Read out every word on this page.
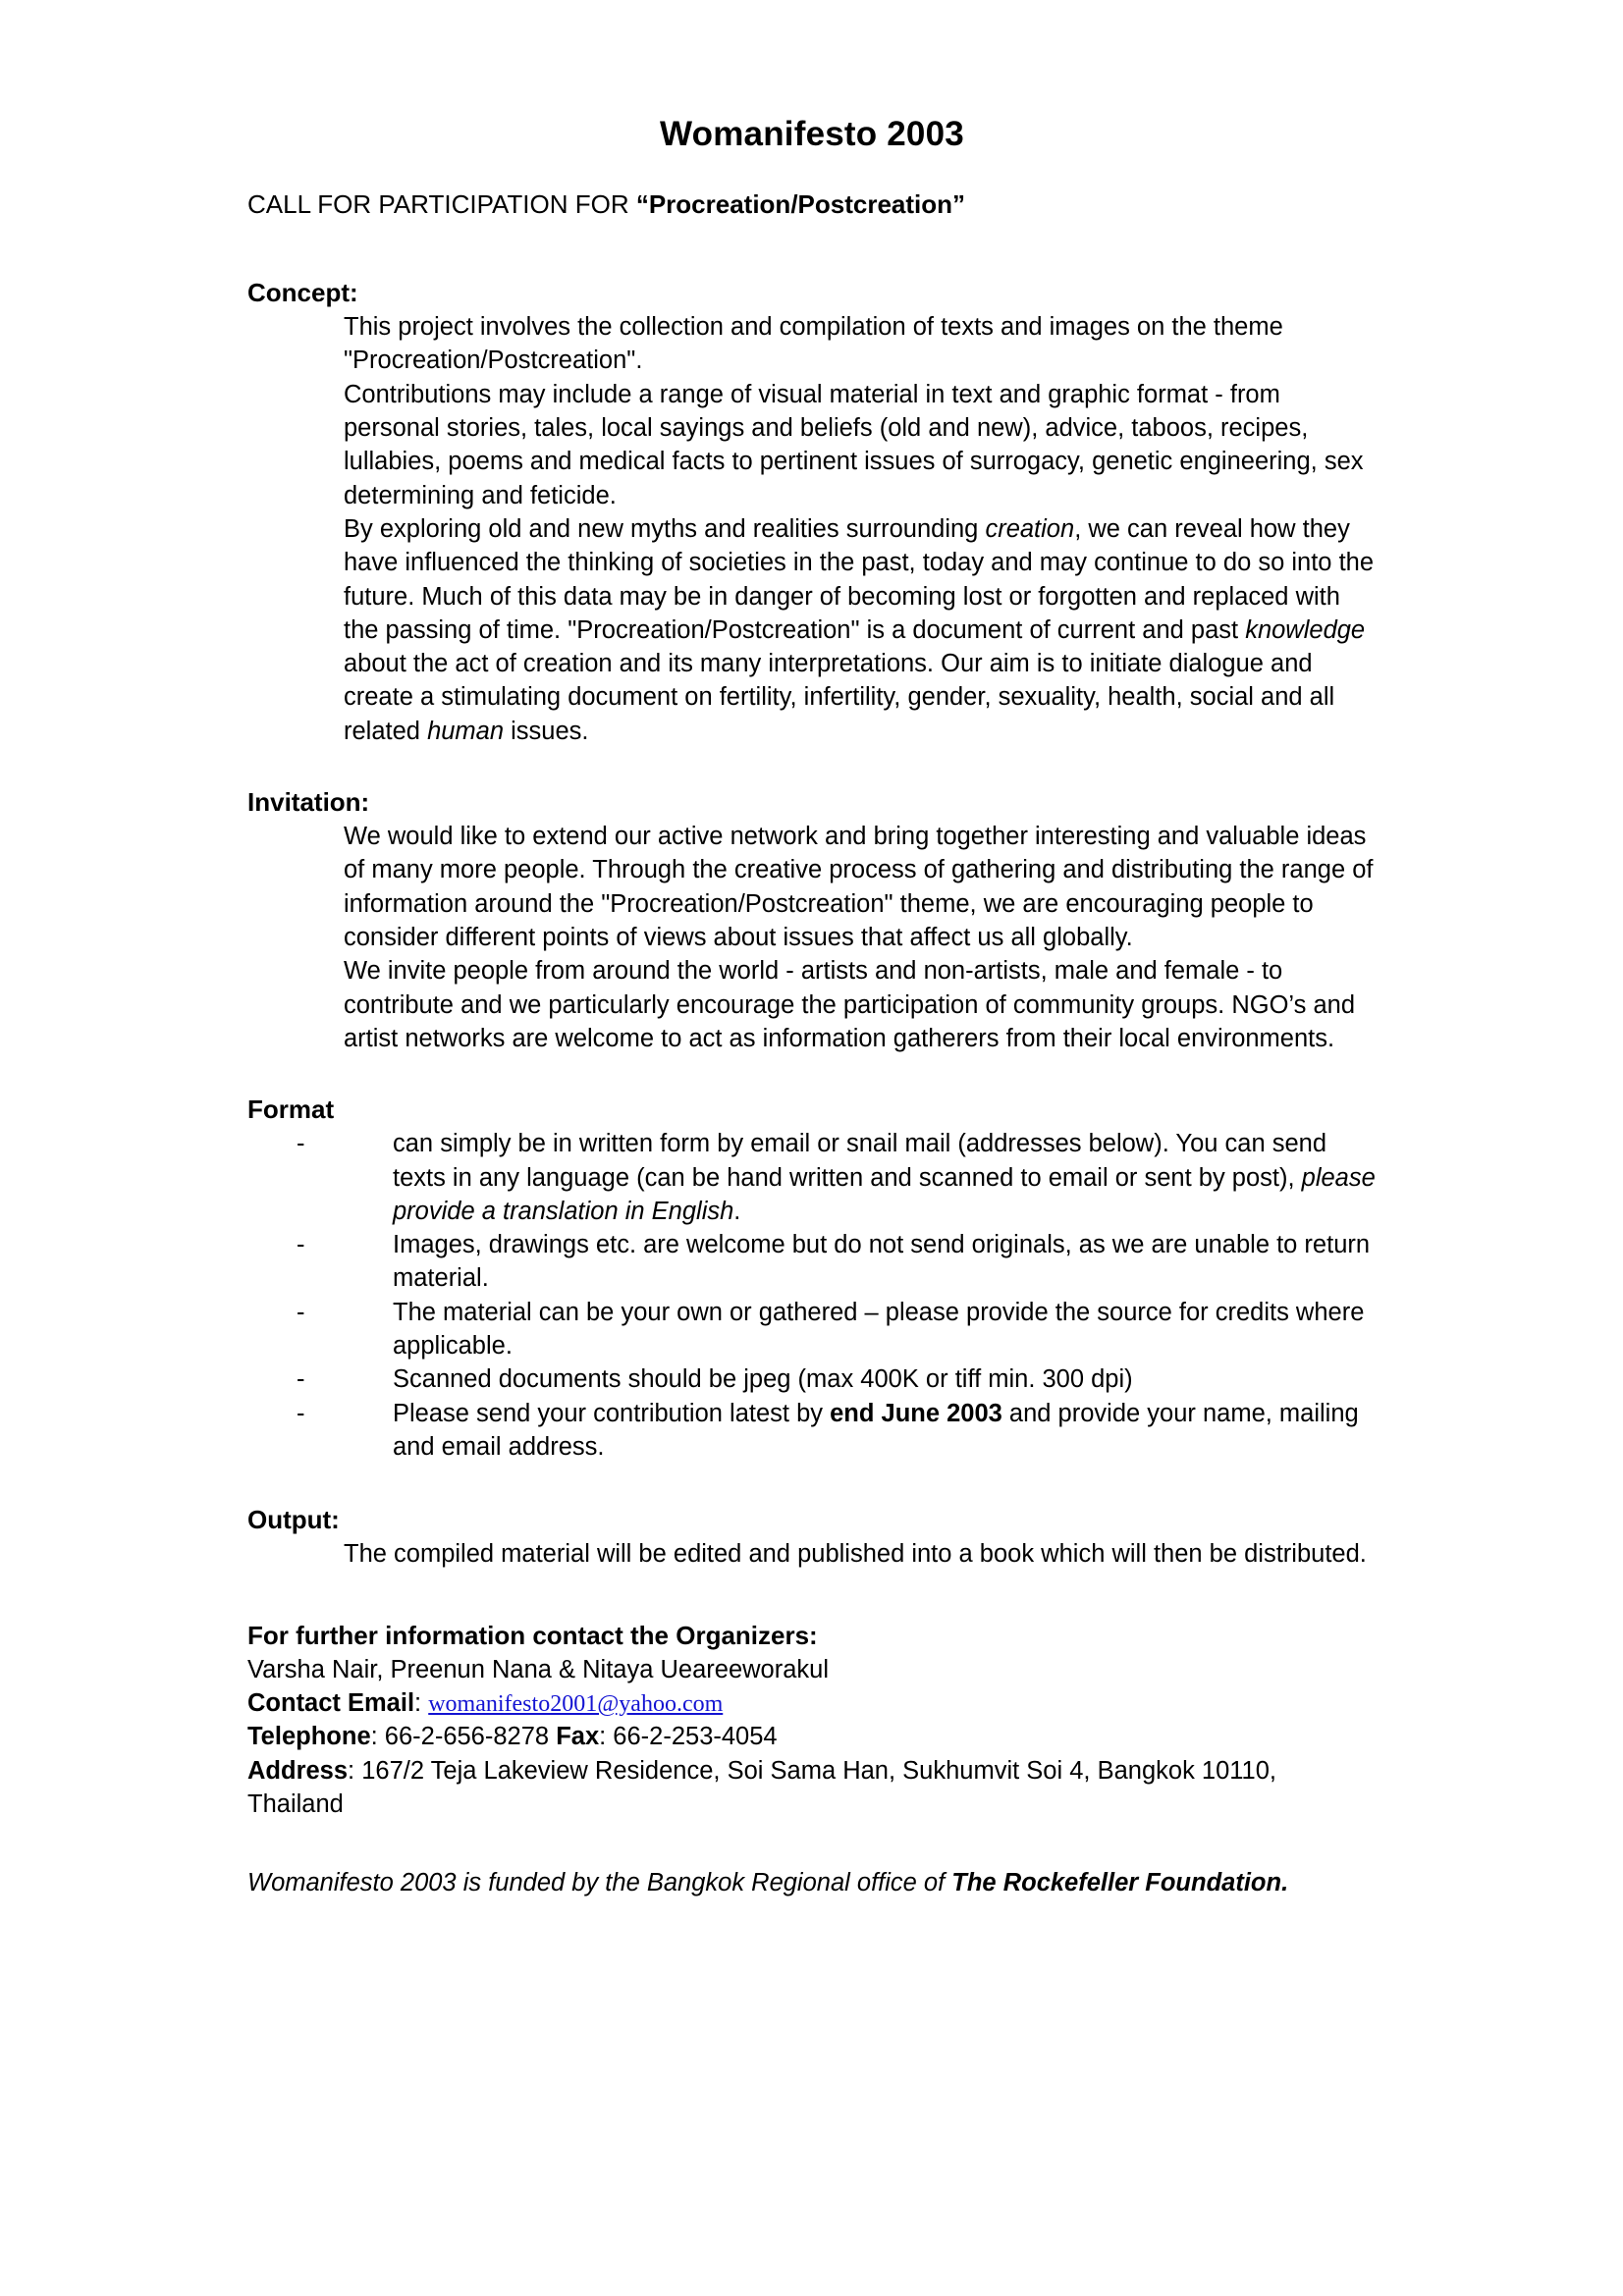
Womanifesto 2003
CALL FOR PARTICIPATION FOR “Procreation/Postcreation”
Concept:

This project involves the collection and compilation of texts and images on the theme "Procreation/Postcreation".

Contributions may include a range of visual material in text and graphic format - from personal stories, tales, local sayings and beliefs (old and new), advice, taboos, recipes, lullabies, poems and medical facts to pertinent issues of surrogacy, genetic engineering, sex determining and feticide.

By exploring old and new myths and realities surrounding creation, we can reveal how they have influenced the thinking of societies in the past, today and may continue to do so into the future. Much of this data may be in danger of becoming lost or forgotten and replaced with the passing of time. "Procreation/Postcreation" is a document of current and past knowledge about the act of creation and its many interpretations. Our aim is to initiate dialogue and create a stimulating document on fertility, infertility, gender, sexuality, health, social and all related human issues.

Invitation:

We would like to extend our active network and bring together interesting and valuable ideas of many more people. Through the creative process of gathering and distributing the range of information around the "Procreation/Postcreation" theme, we are encouraging people to consider different points of views about issues that affect us all globally.

We invite people from around the world - artists and non-artists, male and female - to contribute and we particularly encourage the participation of community groups. NGO’s and artist networks are welcome to act as information gatherers from their local environments.

Format
-	can simply be in written form by email or snail mail (addresses below). You can send texts in any language (can be hand written and scanned to email or sent by post), please provide a translation in English.
-	Images, drawings etc. are welcome but do not send originals, as we are unable to return material.
-	The material can be your own or gathered – please provide the source for credits where applicable.
-	Scanned documents should be jpeg (max 400K or tiff min. 300 dpi)
-	Please send your contribution latest by end June 2003 and provide your name, mailing and email address.
Output:

The compiled material will be edited and published into a book which will then be distributed.

For further information contact the Organizers:

Varsha Nair, Preenun Nana & Nitaya Ueareeworakul

Contact Email: womanifesto2001@yahoo.com

Telephone: 66-2-656-8278 Fax: 66-2-253-4054

Address: 167/2 Teja Lakeview Residence, Soi Sama Han, Sukhumvit Soi 4, Bangkok 10110, Thailand

Womanifesto 2003 is funded by the Bangkok Regional office of The Rockefeller Foundation.
